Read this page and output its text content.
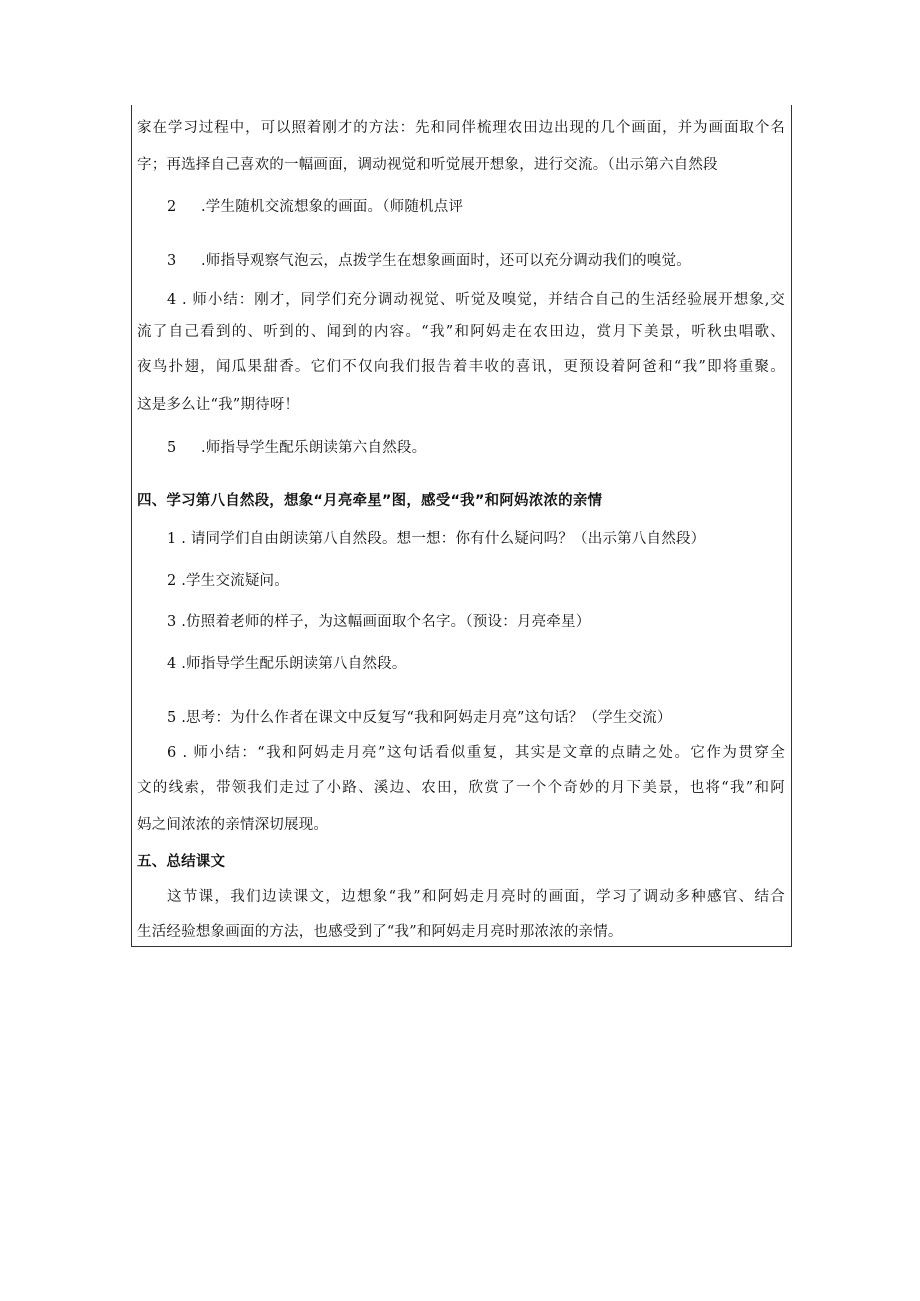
家在学习过程中，可以照着刚才的方法：先和同伴梳理农田边出现的几个画面，并为画面取个名
字；再选择自己喜欢的一幅画面，调动视觉和听觉展开想象，进行交流。（出示第六自然段
2 .学生随机交流想象的画面。（师随机点评
3 .师指导观察气泡云，点拨学生在想象画面时，还可以充分调动我们的嗅觉。
4 . 师小结：刚才，同学们充分调动视觉、听觉及嗅觉，并结合自己的生活经验展开想象,交
流了自己看到的、听到的、闻到的内容。“我”和阿妈走在农田边，赏月下美景，听秋虫唱歌、
夜鸟扑翅，闻瓜果甜香。它们不仅向我们报告着丰收的喜讯，更预设着阿爸和“我”即将重聚。
这是多么让“我”期待呀！
5 .师指导学生配乐朗读第六自然段。
四、学习第八自然段，想象“月亮牵星”图，感受“我”和阿妈浓浓的亲情
1 . 请同学们自由朗读第八自然段。想一想：你有什么疑问吗？（出示第八自然段）
2 .学生交流疑问。
3 .仿照着老师的样子，为这幅画面取个名字。（预设：月亮牵星）
4 .师指导学生配乐朗读第八自然段。
5 .思考：为什么作者在课文中反复写“我和阿妈走月亮”这句话？（学生交流）
6 . 师小结：“我和阿妈走月亮”这句话看似重复，其实是文章的点睛之处。它作为贯穿全
文的线索，带领我们走过了小路、溪边、农田，欣赏了一个个奇妙的月下美景，也将“我”和阿
妈之间浓浓的亲情深切展现。
五、总结课文
这节课，我们边读课文，边想象“我”和阿妈走月亮时的画面，学习了调动多种感官、结合
生活经验想象画面的方法，也感受到了“我”和阿妈走月亮时那浓浓的亲情。
